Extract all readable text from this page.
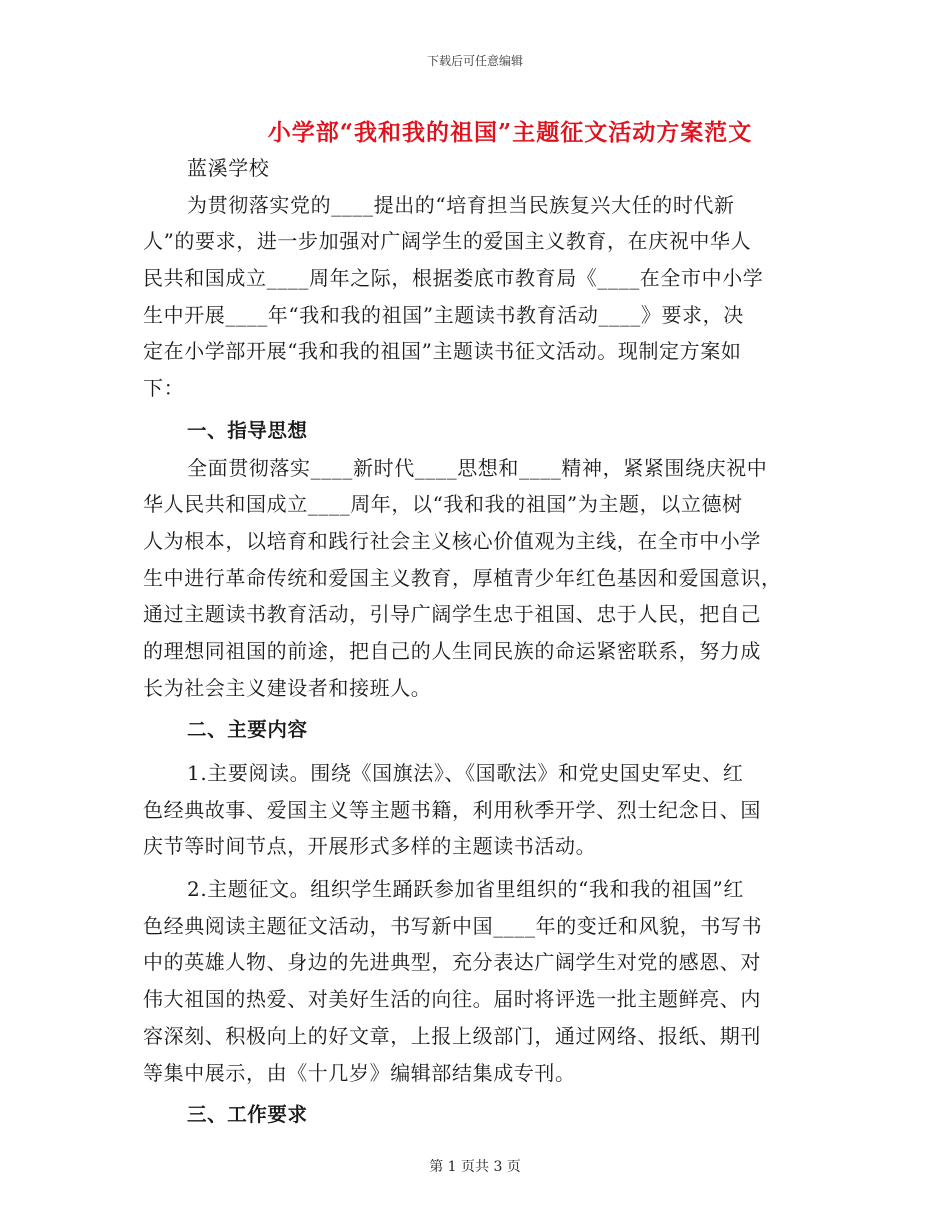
下载后可任意编辑
小学部“我和我的祖国”主题征文活动方案范文
蓝溪学校
为贯彻落实党的____提出的“培育担当民族复兴大任的时代新
人”的要求，进一步加强对广阔学生的爱国主义教育，在庆祝中华人
民共和国成立____周年之际，根据娄底市教育局《____在全市中小学
生中开展____年“我和我的祖国”主题读书教育活动____》要求，决
定在小学部开展“我和我的祖国”主题读书征文活动。现制定方案如
下：
一、指导思想
全面贯彻落实____新时代____思想和____精神，紧紧围绕庆祝中
华人民共和国成立____周年，以“我和我的祖国”为主题，以立德树
人为根本，以培育和践行社会主义核心价值观为主线，在全市中小学
生中进行革命传统和爱国主义教育，厚植青少年红色基因和爱国意识，
通过主题读书教育活动，引导广阔学生忠于祖国、忠于人民，把自己
的理想同祖国的前途，把自己的人生同民族的命运紧密联系，努力成
长为社会主义建设者和接班人。
二、主要内容
1.主要阅读。围绕《国旗法》、《国歌法》和党史国史军史、红
色经典故事、爱国主义等主题书籍，利用秋季开学、烈士纪念日、国
庆节等时间节点，开展形式多样的主题读书活动。
2.主题征文。组织学生踊跃参加省里组织的“我和我的祖国”红
色经典阅读主题征文活动，书写新中国____年的变迁和风貌，书写书
中的英雄人物、身边的先进典型，充分表达广阔学生对党的感恩、对
伟大祖国的热爱、对美好生活的向往。届时将评选一批主题鲜亮、内
容深刻、积极向上的好文章，上报上级部门，通过网络、报纸、期刊
等集中展示，由《十几岁》编辑部结集成专刊。
三、工作要求
第 1 页共 3 页
